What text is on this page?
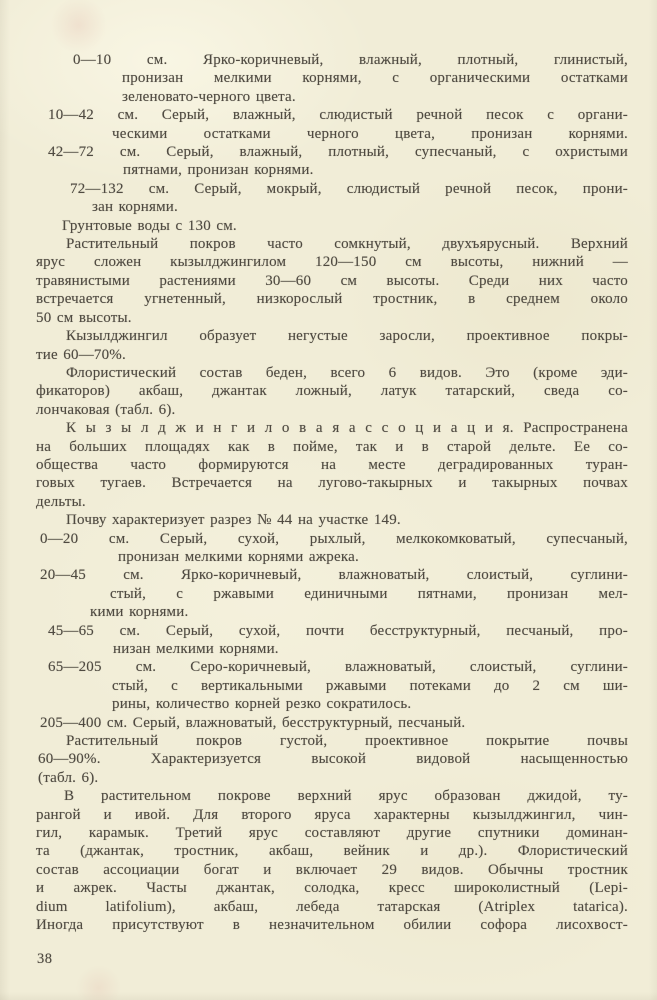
0—10 см. Ярко-коричневый, влажный, плотный, глинистый,
пронизан мелкими корнями, с органическими остатками
зеленовато-черного цвета.
10—42 см. Серый, влажный, слюдистый речной песок с органи-
ческими остатками черного цвета, пронизан корнями.
42—72 см. Серый, влажный, плотный, супесчаный, с охристыми
пятнами, пронизан корнями.
72—132 см. Серый, мокрый, слюдистый речной песок, прони-
зан корнями.
Грунтовые воды с 130 см.
Растительный покров часто сомкнутый, двухъярусный. Верхний
ярус сложен кызылджингилом 120—150 см высоты, нижний —
травянистыми растениями 30—60 см высоты. Среди них часто
встречается угнетенный, низкорослый тростник, в среднем около
50 см высоты.
Кызылджингил образует негустые заросли, проективное покры-
тие 60—70%.
Флористический состав беден, всего 6 видов. Это (кроме эди-
фикаторов) акбаш, джантак ложный, латук татарский, сведа со-
лончаковая (табл. 6).
К ы з ы л д ж и н г и л о в а я а с с о ц и а ц и я. Распространена
на больших площадях как в пойме, так и в старой дельте. Ее со-
общества часто формируются на месте деградированных туран-
говых тугаев. Встречается на лугово-такырных и такырных почвах
дельты.
Почву характеризует разрез № 44 на участке 149.
0—20 см. Серый, сухой, рыхлый, мелкокомковатый, супесчаный,
пронизан мелкими корнями ажрека.
20—45 см. Ярко-коричневый, влажноватый, слоистый, суглини-
стый, с ржавыми единичными пятнами, пронизан мел-
кими корнями.
45—65 см. Серый, сухой, почти бесструктурный, песчаный, про-
низан мелкими корнями.
65—205 см. Серо-коричневый, влажноватый, слоистый, суглини-
стый, с вертикальными ржавыми потеками до 2 см ши-
рины, количество корней резко сократилось.
205—400 см. Серый, влажноватый, бесструктурный, песчаный.
Растительный покров густой, проективное покрытие почвы
60—90%. Характеризуется высокой видовой насыщенностью
(табл. 6).
В растительном покрове верхний ярус образован джидой, ту-
рангой и ивой. Для второго яруса характерны кызылджингил, чин-
гил, карамык. Третий ярус составляют другие спутники доминан-
та (джантак, тростник, акбаш, вейник и др.). Флористический
состав ассоциации богат и включает 29 видов. Обычны тростник
и ажрек. Часты джантак, солодка, кресс широколистный (Lepi-
dium latifolium), акбаш, лебеда татарская (Atriplex tatarica).
Иногда присутствуют в незначительном обилии софора лисохвост-
38
